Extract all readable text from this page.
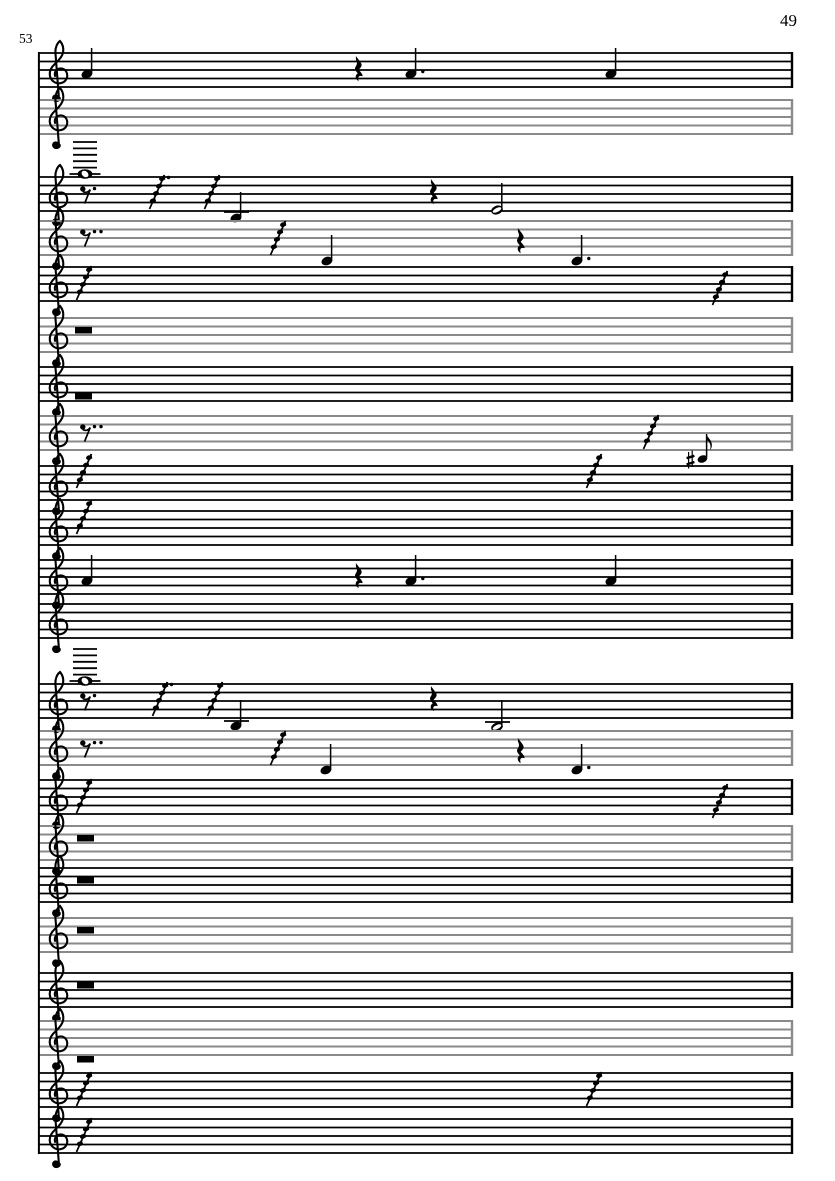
53
49
